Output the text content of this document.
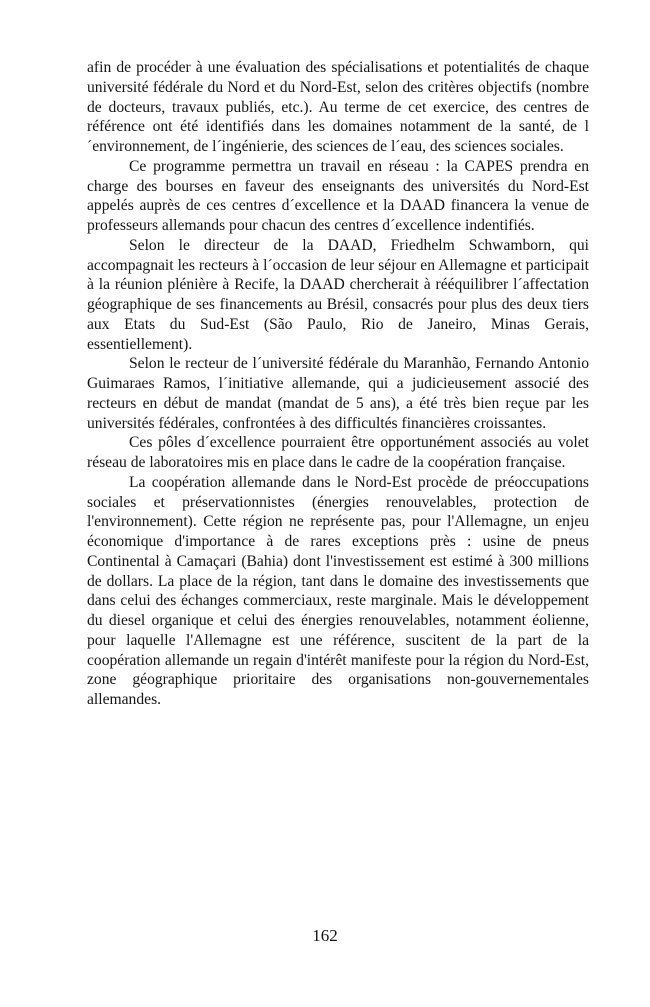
afin de procéder à une évaluation des spécialisations et potentialités de chaque université fédérale du Nord et du Nord-Est, selon des critères objectifs (nombre de docteurs, travaux publiés, etc.). Au terme de cet exercice, des centres de référence ont été identifiés dans les domaines notamment de la santé, de l´environnement, de l´ingénierie, des sciences de l´eau, des sciences sociales.

Ce programme permettra un travail en réseau : la CAPES prendra en charge des bourses en faveur des enseignants des universités du Nord-Est appelés auprès de ces centres d´excellence et la DAAD financera la venue de professeurs allemands pour chacun des centres d´excellence indentifiés.

Selon le directeur de la DAAD, Friedhelm Schwamborn, qui accompagnait les recteurs à l´occasion de leur séjour en Allemagne et participait à la réunion plénière à Recife, la DAAD chercherait à rééquilibrer l´affectation géographique de ses financements au Brésil, consacrés pour plus des deux tiers aux Etats du Sud-Est (São Paulo, Rio de Janeiro, Minas Gerais, essentiellement).

Selon le recteur de l´université fédérale du Maranhão, Fernando Antonio Guimaraes Ramos, l´initiative allemande, qui a judicieusement associé des recteurs en début de mandat (mandat de 5 ans), a été très bien reçue par les universités fédérales, confrontées à des difficultés financières croissantes.

Ces pôles d´excellence pourraient être opportunément associés au volet réseau de laboratoires mis en place dans le cadre de la coopération française.

La coopération allemande dans le Nord-Est procède de préoccupations sociales et préservationnistes (énergies renouvelables, protection de l'environnement). Cette région ne représente pas, pour l'Allemagne, un enjeu économique d'importance à de rares exceptions près : usine de pneus Continental à Camaçari (Bahia) dont l'investissement est estimé à 300 millions de dollars. La place de la région, tant dans le domaine des investissements que dans celui des échanges commerciaux, reste marginale. Mais le développement du diesel organique et celui des énergies renouvelables, notamment éolienne, pour laquelle l'Allemagne est une référence, suscitent de la part de la coopération allemande un regain d'intérêt manifeste pour la région du Nord-Est, zone géographique prioritaire des organisations non-gouvernementales allemandes.

162
